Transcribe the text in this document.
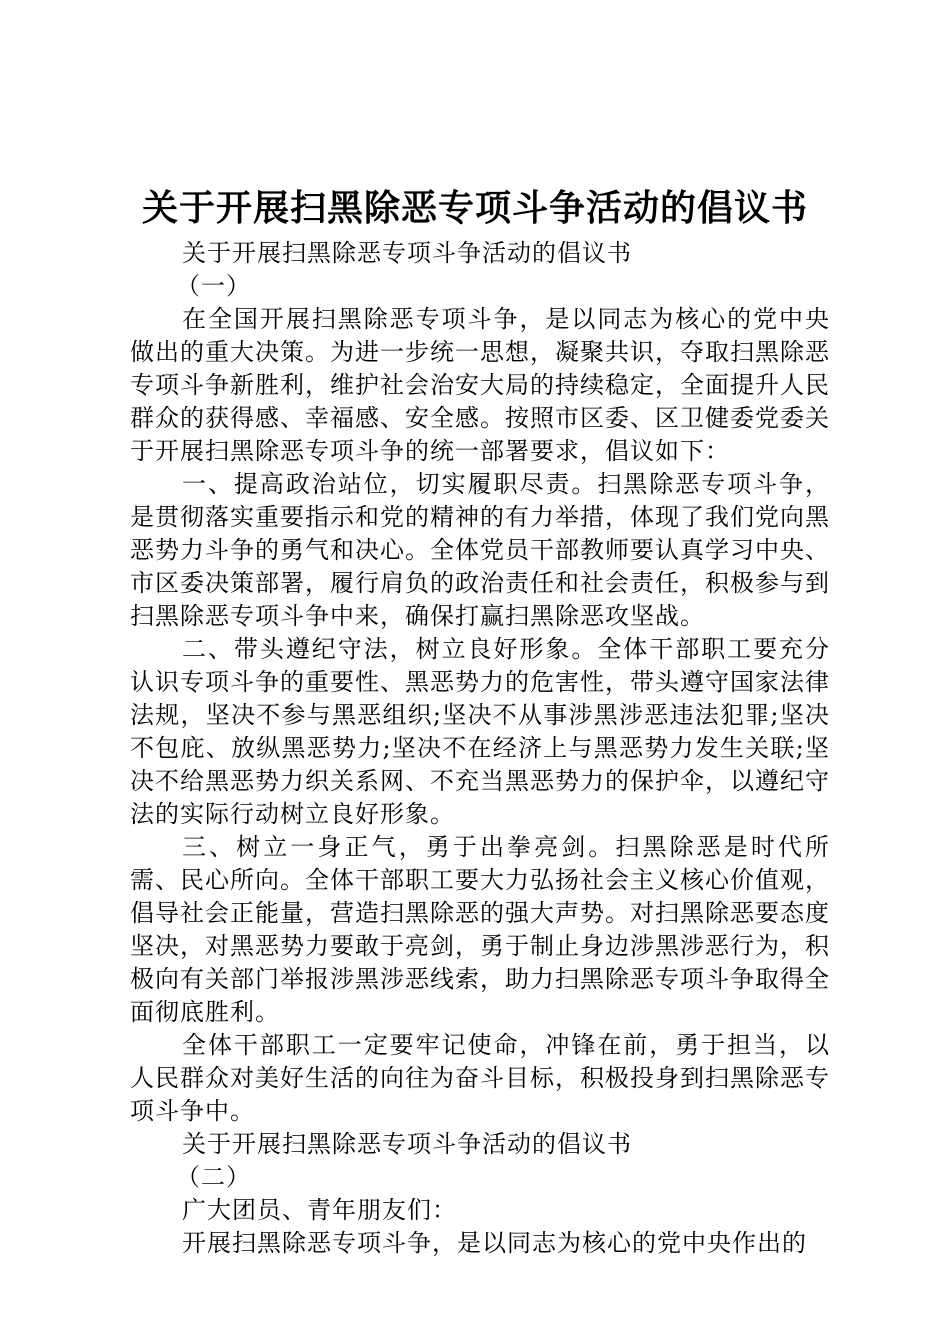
关于开展扫黑除恶专项斗争活动的倡议书

关于开展扫黑除恶专项斗争活动的倡议书

（一）

在全国开展扫黑除恶专项斗争，是以同志为核心的党中央做出的重大决策。为进一步统一思想，凝聚共识，夺取扫黑除恶专项斗争新胜利，维护社会治安大局的持续稳定，全面提升人民群众的获得感、幸福感、安全感。按照市区委、区卫健委党委关于开展扫黑除恶专项斗争的统一部署要求，倡议如下：

一、提高政治站位，切实履职尽责。扫黑除恶专项斗争，是贯彻落实重要指示和党的精神的有力举措，体现了我们党向黑恶势力斗争的勇气和决心。全体党员干部教师要认真学习中央、市区委决策部署，履行肩负的政治责任和社会责任，积极参与到扫黑除恶专项斗争中来，确保打赢扫黑除恶攻坚战。

二、带头遵纪守法，树立良好形象。全体干部职工要充分认识专项斗争的重要性、黑恶势力的危害性，带头遵守国家法律法规，坚决不参与黑恶组织;坚决不从事涉黑涉恶违法犯罪;坚决不包庇、放纵黑恶势力;坚决不在经济上与黑恶势力发生关联;坚决不给黑恶势力织关系网、不充当黑恶势力的保护伞，以遵纪守法的实际行动树立良好形象。

三、树立一身正气，勇于出拳亮剑。扫黑除恶是时代所需、民心所向。全体干部职工要大力弘扬社会主义核心价值观，倡导社会正能量，营造扫黑除恶的强大声势。对扫黑除恶要态度坚决，对黑恶势力要敢于亮剑，勇于制止身边涉黑涉恶行为，积极向有关部门举报涉黑涉恶线索，助力扫黑除恶专项斗争取得全面彻底胜利。

全体干部职工一定要牢记使命，冲锋在前，勇于担当，以人民群众对美好生活的向往为奋斗目标，积极投身到扫黑除恶专项斗争中。

关于开展扫黑除恶专项斗争活动的倡议书

（二）

广大团员、青年朋友们：

开展扫黑除恶专项斗争，是以同志为核心的党中央作出的
